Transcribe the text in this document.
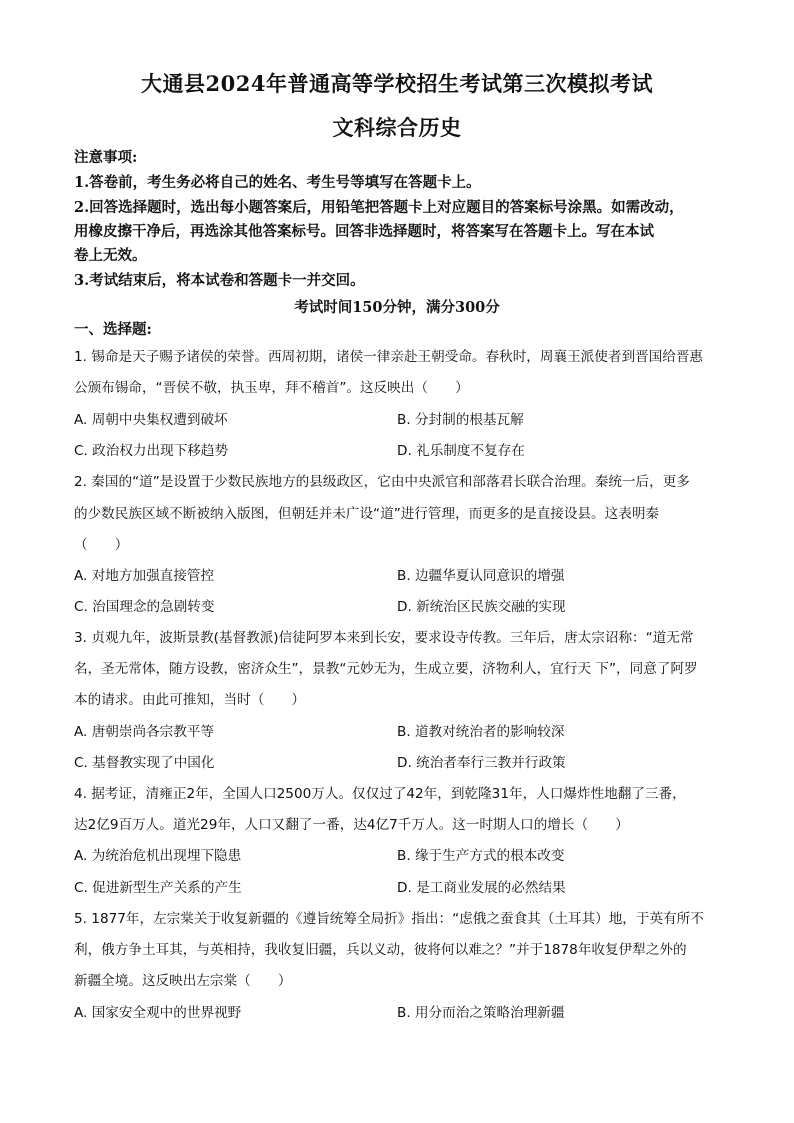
大通县2024年普通高等学校招生考试第三次模拟考试
文科综合历史
注意事项:
1.答卷前，考生务必将自己的姓名、考生号等填写在答题卡上。
2.回答选择题时，选出每小题答案后，用铅笔把答题卡上对应题目的答案标号涂黑。如需改动，
用橡皮擦干净后，再选涂其他答案标号。回答非选择题时，将答案写在答题卡上。写在本试
卷上无效。
3.考试结束后，将本试卷和答题卡一并交回。
考试时间150分钟，满分300分
一、选择题:
1. 锡命是天子赐予诸侯的荣誉。西周初期，诸侯一律亲赴王朝受命。春秋时，周襄王派使者到晋国给晋惠
公颁布锡命，“晋侯不敬，执玉卑，拜不稽首”。这反映出（　　）
A. 周朝中央集权遭到破坏	B. 分封制的根基瓦解
C. 政治权力出现下移趋势	D. 礼乐制度不复存在
2. 秦国的“道”是设置于少数民族地方的县级政区，它由中央派官和部落君长联合治理。秦统一后，更多
的少数民族区域不断被纳入版图，但朝廷并未广设“道”进行管理，而更多的是直接设县。这表明秦
（　　）
A. 对地方加强直接管控	B. 边疆华夏认同意识的增强
C. 治国理念的急剧转变	D. 新统治区民族交融的实现
3. 贞观九年，波斯景教(基督教派)信徒阿罗本来到长安，要求设寺传教。三年后，唐太宗诏称：“道无常
名，圣无常体，随方设教，密济众生”，景教“元妙无为，生成立要，济物利人，宜行天 下”，同意了阿罗
本的请求。由此可推知，当时（　　）
A. 唐朝崇尚各宗教平等	B. 道教对统治者的影响较深
C. 基督教实现了中国化	D. 统治者奉行三教并行政策
4. 据考证，清雍正2年，全国人口2500万人。仅仅过了42年，到乾隆31年，人口爆炸性地翻了三番，
达2亿9百万人。道光29年，人口又翻了一番，达4亿7千万人。这一时期人口的增长（　　）
A. 为统治危机出现埋下隐患	B. 缘于生产方式的根本改变
C. 促进新型生产关系的产生	D. 是工商业发展的必然结果
5. 1877年，左宗棠关于收复新疆的《遵旨统筹全局折》指出：“虑俄之蚕食其（土耳其）地，于英有所不
利，俄方争土耳其，与英相持，我收复旧疆，兵以义动，彼将何以难之？”并于1878年收复伊犁之外的
新疆全境。这反映出左宗棠（　　）
A. 国家安全观中的世界视野	B. 用分而治之策略治理新疆
